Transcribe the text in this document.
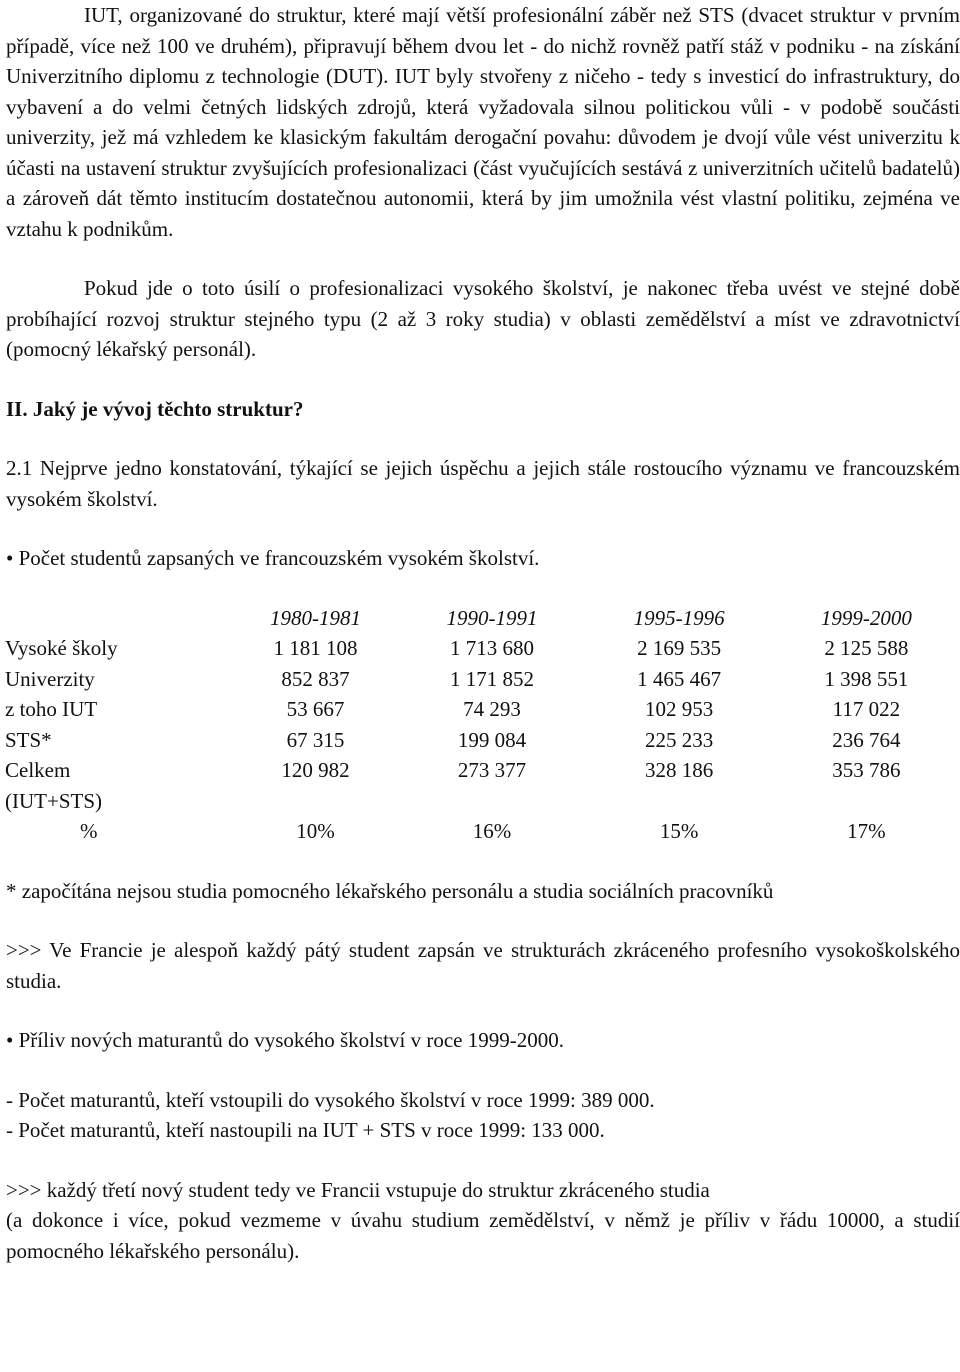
IUT, organizované do struktur, které mají větší profesionální záběr než STS (dvacet struktur v prvním případě, více než 100 ve druhém), připravují během dvou let - do nichž rovněž patří stáž v podniku - na získání Univerzitního diplomu z technologie (DUT). IUT byly stvořeny z ničeho - tedy s investicí do infrastruktury, do vybavení a do velmi četných lidských zdrojů, která vyžadovala silnou politickou vůli - v podobě součásti univerzity, jež má vzhledem ke klasickým fakultám derogační povahu: důvodem je dvojí vůle vést univerzitu k účasti na ustavení struktur zvyšujících profesionalizaci (část vyučujících sestává z univerzitních učitelů badatelů) a zároveň dát těmto institucím dostatečnou autonomii, která by jim umožnila vést vlastní politiku, zejména ve vztahu k podnikům.

Pokud jde o toto úsilí o profesionalizaci vysokého školství, je nakonec třeba uvést ve stejné době probíhající rozvoj struktur stejného typu (2 až 3 roky studia) v oblasti zemědělství a míst ve zdravotnictví (pomocný lékařský personál).

II. Jaký je vývoj těchto struktur?

2.1 Nejprve jedno konstatování, týkající se jejich úspěchu a jejich stále rostoucího významu ve francouzském vysokém školství.

• Počet studentů zapsaných ve francouzském vysokém školství.

	1980-1981	1990-1991	1995-1996	1999-2000
Vysoké školy	1 181 108	1 713 680	2 169 535	2 125 588
Univerzity	852 837	1 171 852	1 465 467	1 398 551
z toho IUT	53 667	74 293	102 953	117 022
STS*	67 315	199 084	225 233	236 764
Celkem	120 982	273 377	328 186	353 786
(IUT+STS)				
%	10%	16%	15%	17%

* započítána nejsou studia pomocného lékařského personálu a studia sociálních pracovníků

>>> Ve Francie je alespoň každý pátý student zapsán ve strukturách zkráceného profesního vysokoškolského studia.

• Příliv nových maturantů do vysokého školství v roce 1999-2000.

- Počet maturantů, kteří vstoupili do vysokého školství v roce 1999: 389 000.

- Počet maturantů, kteří nastoupili na IUT + STS v roce 1999: 133 000.

>>> každý třetí nový student tedy ve Francii vstupuje do struktur zkráceného studia

(a dokonce i více, pokud vezmeme v úvahu studium zemědělství, v němž je příliv v řádu 10000, a studií pomocného lékařského personálu).
